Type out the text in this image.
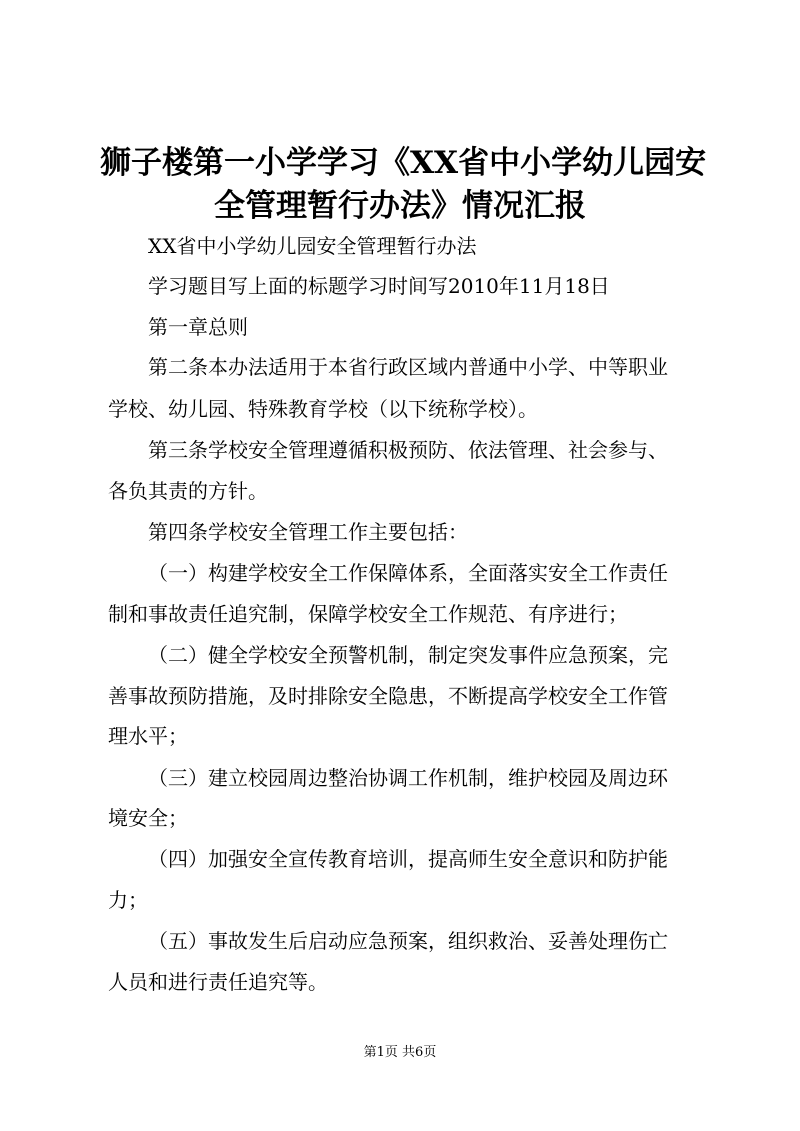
狮子楼第一小学学习《XX省中小学幼儿园安
全管理暂行办法》情况汇报

XX省中小学幼儿园安全管理暂行办法

学习题目写上面的标题学习时间写2010年11月18日

第一章总则

第二条本办法适用于本省行政区域内普通中小学、中等职业

学校、幼儿园、特殊教育学校（以下统称学校）。

第三条学校安全管理遵循积极预防、依法管理、社会参与、

各负其责的方针。

第四条学校安全管理工作主要包括：

（一）构建学校安全工作保障体系，全面落实安全工作责任

制和事故责任追究制，保障学校安全工作规范、有序进行；

（二）健全学校安全预警机制，制定突发事件应急预案，完

善事故预防措施，及时排除安全隐患，不断提高学校安全工作管

理水平；

（三）建立校园周边整治协调工作机制，维护校园及周边环

境安全；

（四）加强安全宣传教育培训，提高师生安全意识和防护能

力；

（五）事故发生后启动应急预案，组织救治、妥善处理伤亡

人员和进行责任追究等。

第1页 共6页
